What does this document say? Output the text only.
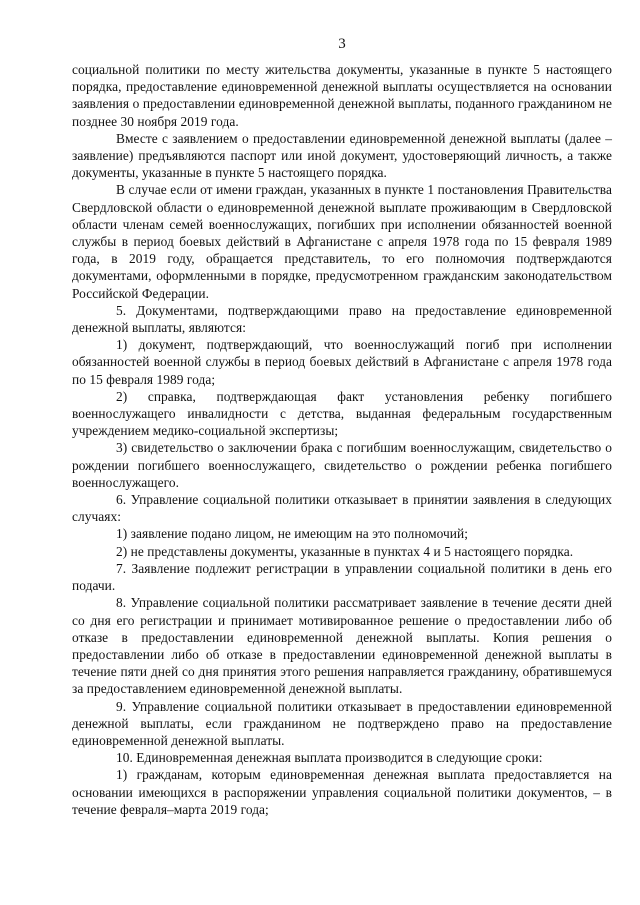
3

социальной политики по месту жительства документы, указанные в пункте 5 настоящего порядка, предоставление единовременной денежной выплаты осуществляется на основании заявления о предоставлении единовременной денежной выплаты, поданного гражданином не позднее 30 ноября 2019 года.

Вместе с заявлением о предоставлении единовременной денежной выплаты (далее – заявление) предъявляются паспорт или иной документ, удостоверяющий личность, а также документы, указанные в пункте 5 настоящего порядка.

В случае если от имени граждан, указанных в пункте 1 постановления Правительства Свердловской области о единовременной денежной выплате проживающим в Свердловской области членам семей военнослужащих, погибших при исполнении обязанностей военной службы в период боевых действий в Афганистане с апреля 1978 года по 15 февраля 1989 года, в 2019 году, обращается представитель, то его полномочия подтверждаются документами, оформленными в порядке, предусмотренном гражданским законодательством Российской Федерации.

5. Документами, подтверждающими право на предоставление единовременной денежной выплаты, являются:

1) документ, подтверждающий, что военнослужащий погиб при исполнении обязанностей военной службы в период боевых действий в Афганистане с апреля 1978 года по 15 февраля 1989 года;

2) справка, подтверждающая факт установления ребенку погибшего военнослужащего инвалидности с детства, выданная федеральным государственным учреждением медико-социальной экспертизы;

3) свидетельство о заключении брака с погибшим военнослужащим, свидетельство о рождении погибшего военнослужащего, свидетельство о рождении ребенка погибшего военнослужащего.

6. Управление социальной политики отказывает в принятии заявления в следующих случаях:

1) заявление подано лицом, не имеющим на это полномочий;

2) не представлены документы, указанные в пунктах 4 и 5 настоящего порядка.

7. Заявление подлежит регистрации в управлении социальной политики в день его подачи.

8. Управление социальной политики рассматривает заявление в течение десяти дней со дня его регистрации и принимает мотивированное решение о предоставлении либо об отказе в предоставлении единовременной денежной выплаты. Копия решения о предоставлении либо об отказе в предоставлении единовременной денежной выплаты в течение пяти дней со дня принятия этого решения направляется гражданину, обратившемуся за предоставлением единовременной денежной выплаты.

9. Управление социальной политики отказывает в предоставлении единовременной денежной выплаты, если гражданином не подтверждено право на предоставление единовременной денежной выплаты.

10. Единовременная денежная выплата производится в следующие сроки:

1) гражданам, которым единовременная денежная выплата предоставляется на основании имеющихся в распоряжении управления социальной политики документов, – в течение февраля–марта 2019 года;
